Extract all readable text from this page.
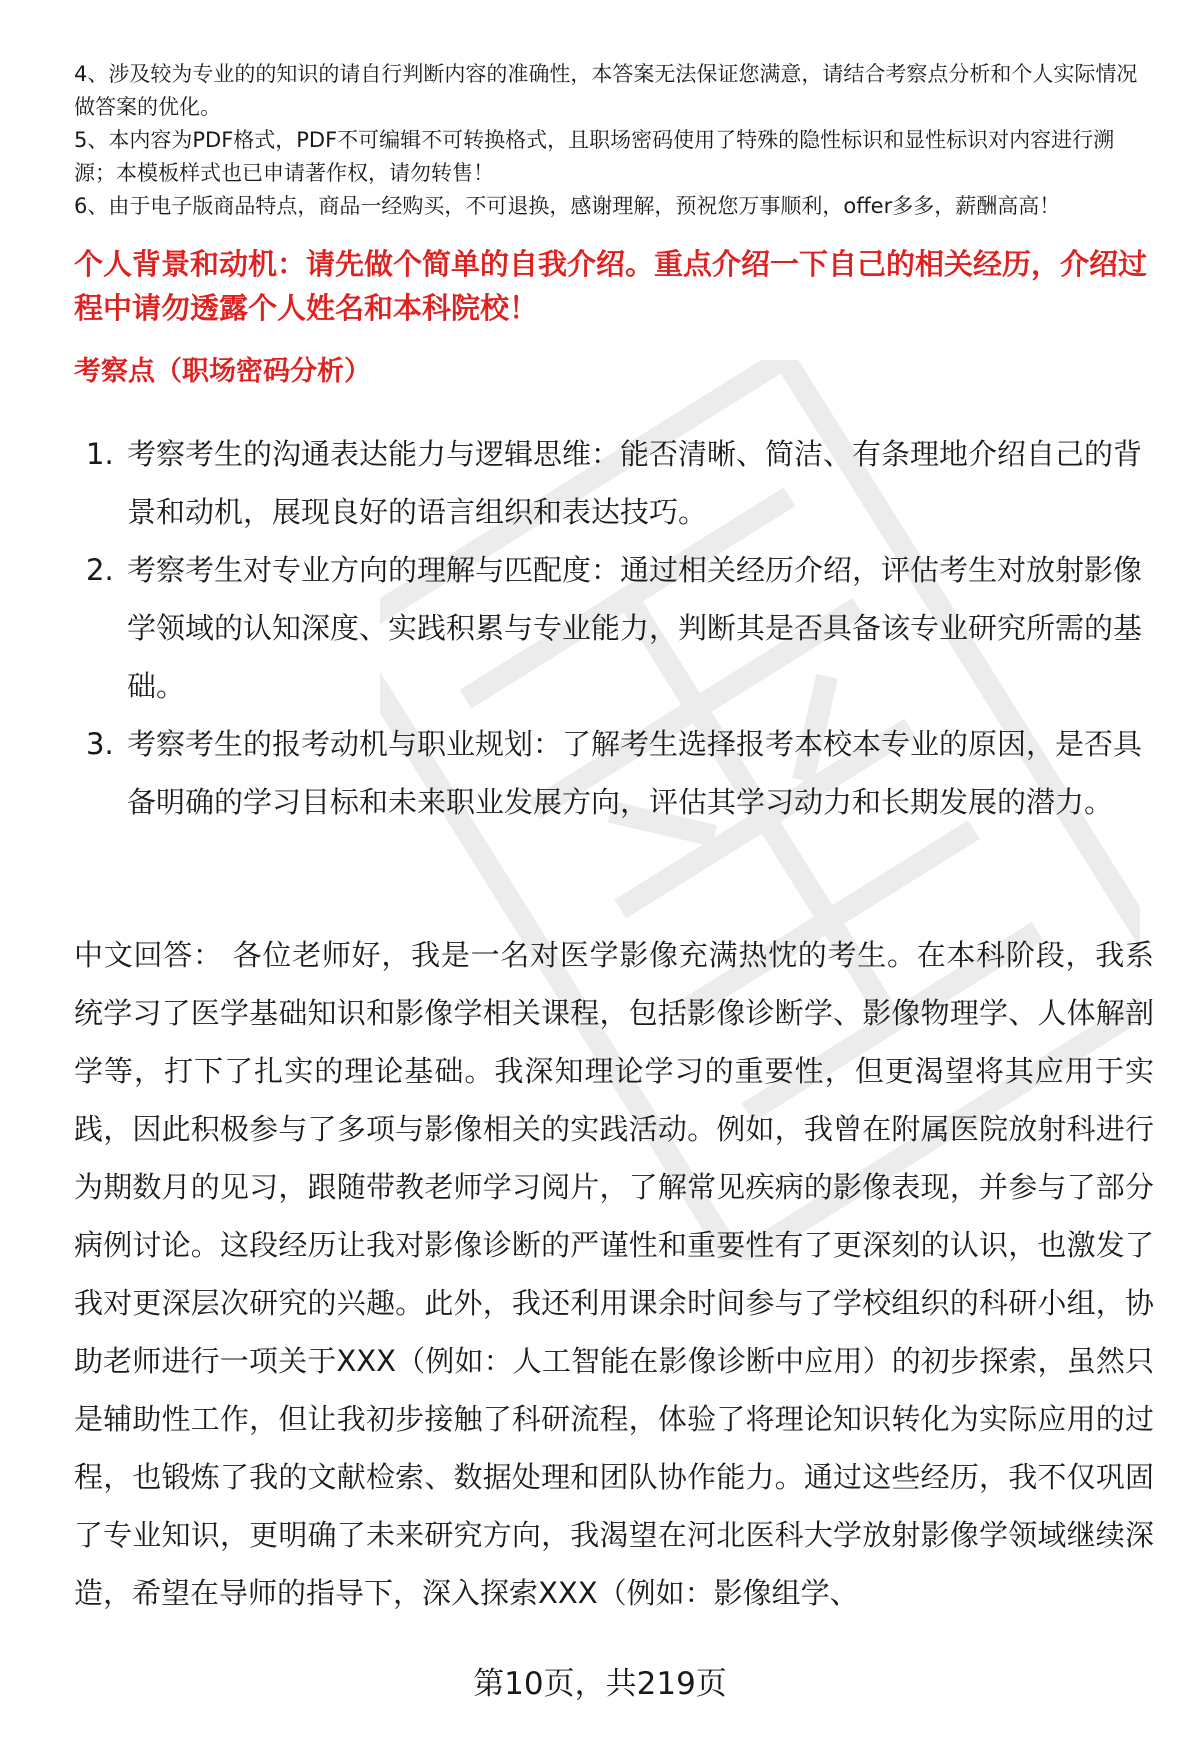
4、涉及较为专业的的知识的请自行判断内容的准确性，本答案无法保证您满意，请结合考察点分析和个人实际情况做答案的优化。

5、本内容为PDF格式，PDF不可编辑不可转换格式，且职场密码使用了特殊的隐性标识和显性标识对内容进行溯源；本模板样式也已申请著作权，请勿转售！

6、由于电子版商品特点，商品一经购买，不可退换，感谢理解，预祝您万事顺利，offer多多，薪酬高高！

个人背景和动机：请先做个简单的自我介绍。重点介绍一下自己的相关经历，介绍过程中请勿透露个人姓名和本科院校！
考察点（职场密码分析）
1. 考察考生的沟通表达能力与逻辑思维：能否清晰、简洁、有条理地介绍自己的背景和动机，展现良好的语言组织和表达技巧。
2. 考察考生对专业方向的理解与匹配度：通过相关经历介绍，评估考生对放射影像学领域的认知深度、实践积累与专业能力，判断其是否具备该专业研究所需的基础。
3. 考察考生的报考动机与职业规划：了解考生选择报考本校本专业的原因，是否具备明确的学习目标和未来职业发展方向，评估其学习动力和长期发展的潜力。
中文回答： 各位老师好，我是一名对医学影像充满热忱的考生。在本科阶段，我系统学习了医学基础知识和影像学相关课程，包括影像诊断学、影像物理学、人体解剖学等，打下了扎实的理论基础。我深知理论学习的重要性，但更渴望将其应用于实践，因此积极参与了多项与影像相关的实践活动。例如，我曾在附属医院放射科进行为期数月的见习，跟随带教老师学习阅片，了解常见疾病的影像表现，并参与了部分病例讨论。这段经历让我对影像诊断的严谨性和重要性有了更深刻的认识，也激发了我对更深层次研究的兴趣。此外，我还利用课余时间参与了学校组织的科研小组，协助老师进行一项关于XXX（例如：人工智能在影像诊断中应用）的初步探索，虽然只是辅助性工作，但让我初步接触了科研流程，体验了将理论知识转化为实际应用的过程，也锻炼了我的文献检索、数据处理和团队协作能力。通过这些经历，我不仅巩固了专业知识，更明确了未来研究方向，我渴望在河北医科大学放射影像学领域继续深造，希望在导师的指导下，深入探索XXX（例如：影像组学、
第10页，共219页
